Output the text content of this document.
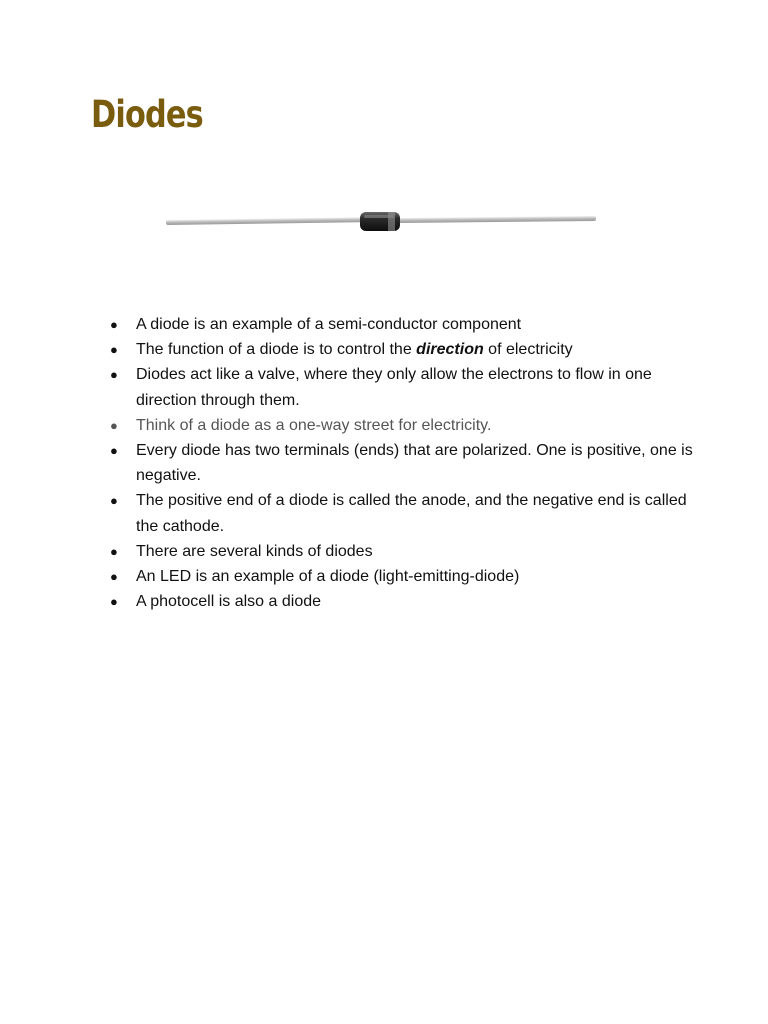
Diodes
● A diode is an example of a semi-conductor component
● The function of a diode is to control the direction of electricity
● Diodes act like a valve, where they only allow the electrons to flow in one direction through them.
● Think of a diode as a one-way street for electricity.
● Every diode has two terminals (ends) that are polarized. One is positive, one is negative.
● The positive end of a diode is called the anode, and the negative end is called the cathode.
● There are several kinds of diodes
● An LED is an example of a diode (light-emitting-diode)
● A photocell is also a diode
